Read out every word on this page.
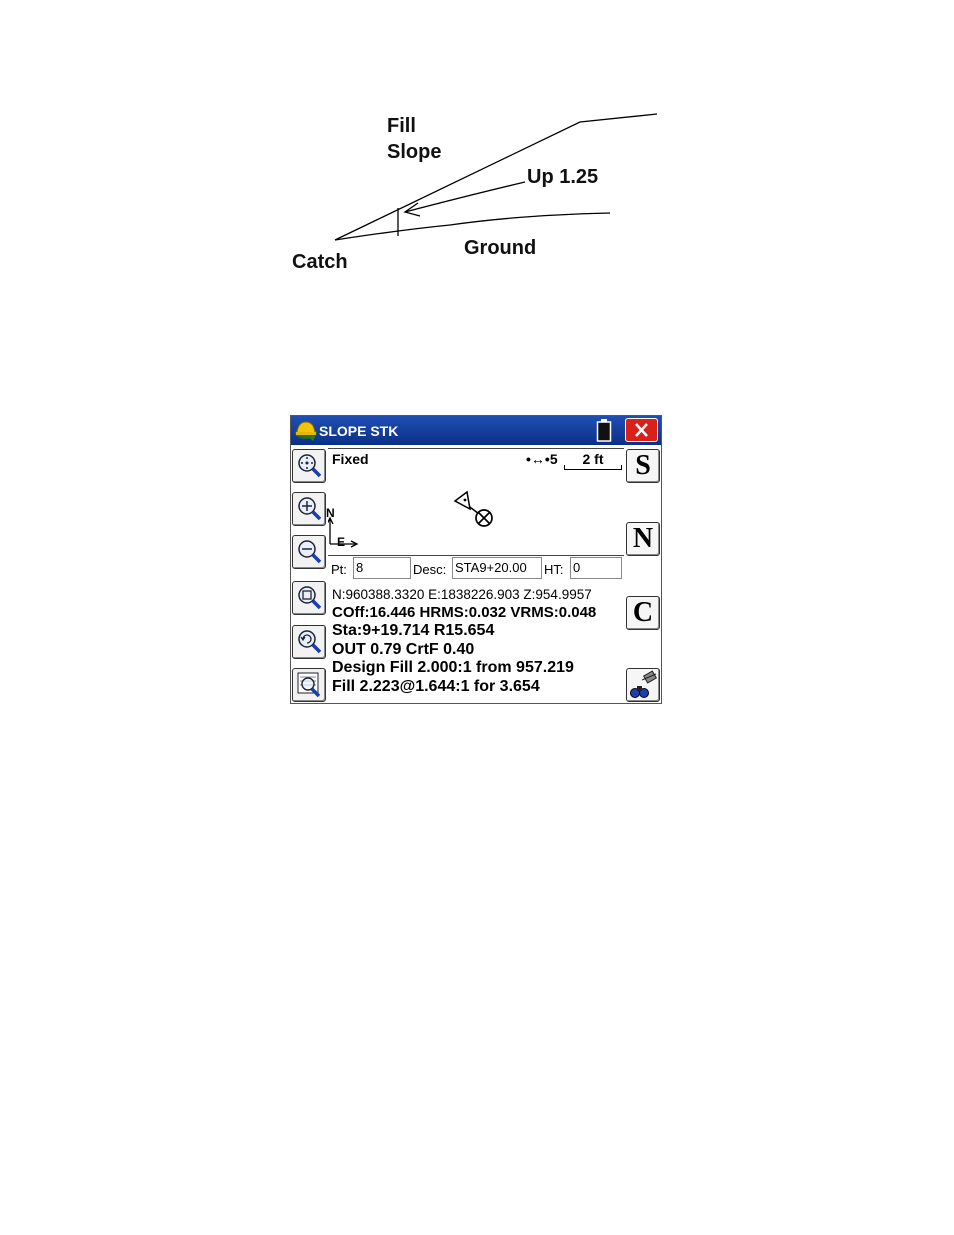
Fill
Slope
Up 1.25
Ground
Catch
SLOPE STK
Fixed	•↔•5	2 ft
N
E
Pt: 8	Desc: STA9+20.00	HT: 0
N:960388.3320 E:1838226.903 Z:954.9957
COff:16.446 HRMS:0.032 VRMS:0.048
Sta:9+19.714 R15.654
OUT 0.79 CrtF 0.40
Design Fill 2.000:1 from 957.219
Fill 2.223@1.644:1 for 3.654
S
N
C
